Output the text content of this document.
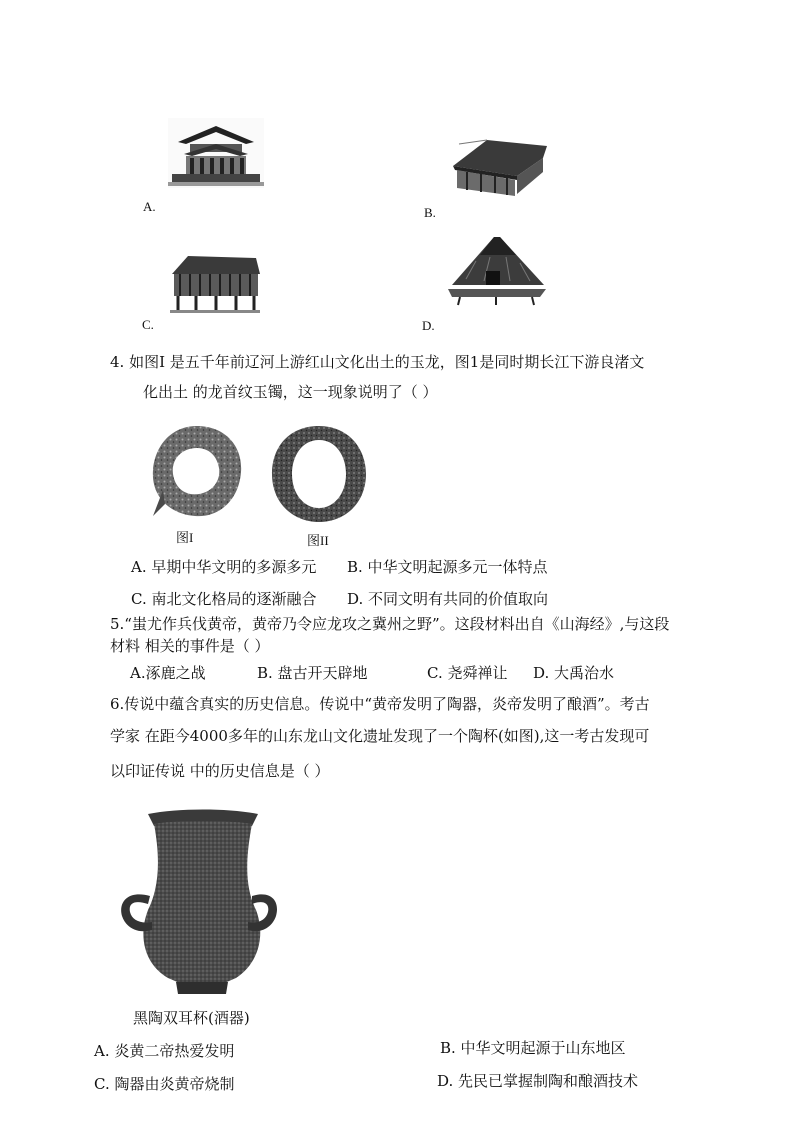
A.	B.
C.	D.
4. 如图I 是五千年前辽河上游红山文化出土的玉龙，图1是同时期长江下游良渚文
化出土 的龙首纹玉镯，这一现象说明了（ ）
图I	图II
A. 早期中华文明的多源多元 B. 中华文明起源多元一体特点
C. 南北文化格局的逐渐融合 D. 不同文明有共同的价值取向
5.“蚩尤作兵伐黄帝，黄帝乃令应龙攻之冀州之野”。这段材料出自《山海经》,与这段
材料 相关的事件是（ ）
A.涿鹿之战	B. 盘古开天辟地	C. 尧舜禅让 D. 大禹治水
6.传说中蕴含真实的历史信息。传说中“黄帝发明了陶器，炎帝发明了酿酒”。考古
学家 在距今4000多年的山东龙山文化遗址发现了一个陶杯(如图),这一考古发现可
以印证传说 中的历史信息是（ ）
黑陶双耳杯(酒器)
A. 炎黄二帝热爱发明	B. 中华文明起源于山东地区
C. 陶器由炎黄帝烧制	D. 先民已掌握制陶和酿酒技术
